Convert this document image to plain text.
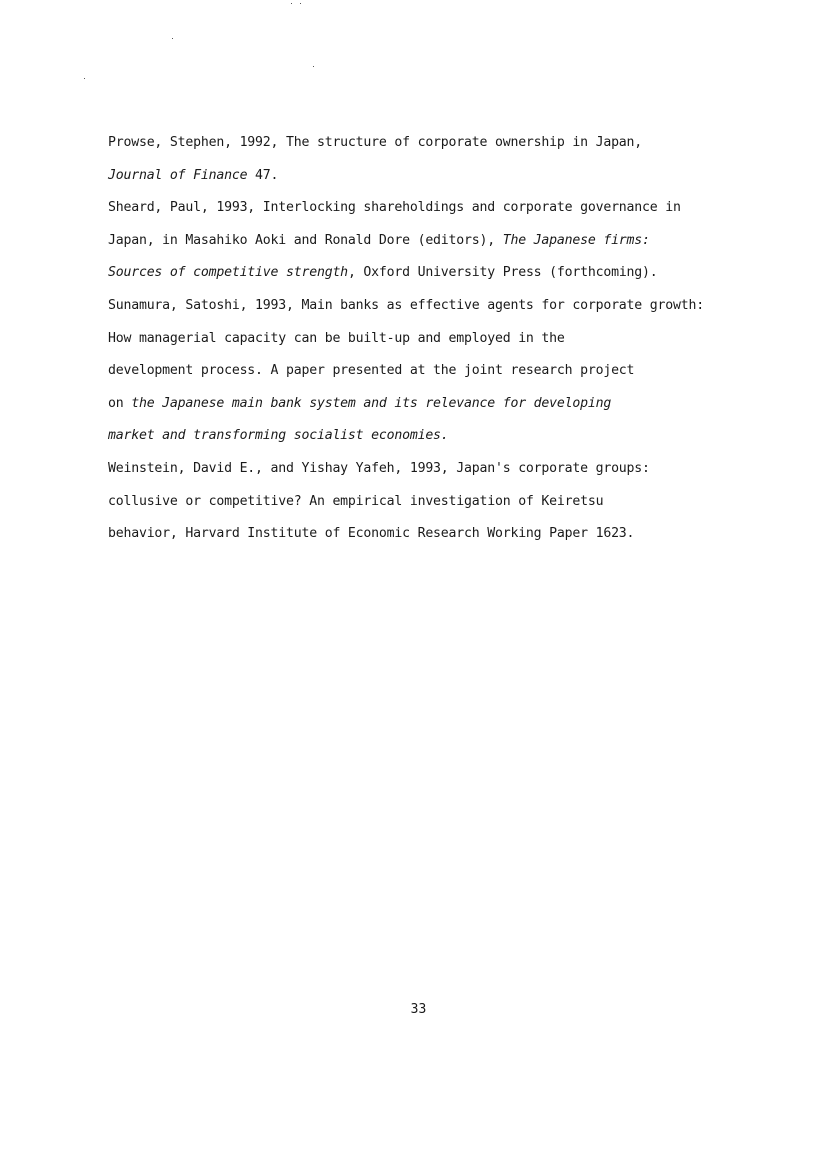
Prowse, Stephen, 1992, The structure of corporate ownership in Japan,
Journal of Finance 47.
Sheard, Paul, 1993, Interlocking shareholdings and corporate governance in
Japan, in Masahiko Aoki and Ronald Dore (editors), The Japanese firms:
Sources of competitive strength, Oxford University Press (forthcoming).
Sunamura, Satoshi, 1993, Main banks as effective agents for corporate growth:
How managerial capacity can be built-up and employed in the
development process. A paper presented at the joint research project
on the Japanese main bank system and its relevance for developing
market and transforming socialist economies.
Weinstein, David E., and Yishay Yafeh, 1993, Japan's corporate groups:
collusive or competitive? An empirical investigation of Keiretsu
behavior, Harvard Institute of Economic Research Working Paper 1623.
33
